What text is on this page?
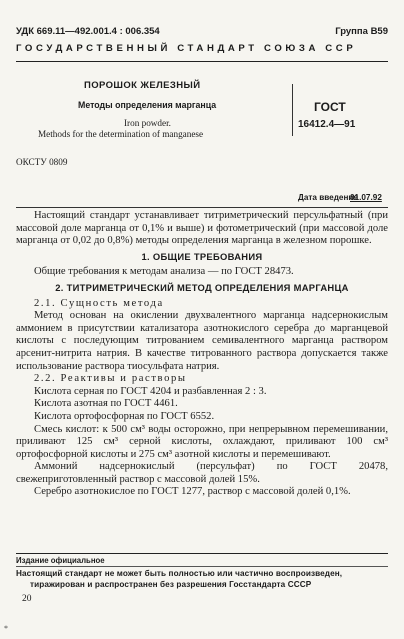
УДК 669.11—492.001.4 : 006.354	Группа В59
ГОСУДАРСТВЕННЫЙ СТАНДАРТ СОЮЗА ССР
ПОРОШОК ЖЕЛЕЗНЫЙ
Методы определения марганца
Iron powder.
Methods for the determination of manganese
ГОСТ
16412.4—91
ОКСТУ 0809
Дата введения
01.07.92

Настоящий стандарт устанавливает титриметрический персульфатный (при массовой доле марганца от 0,1% и выше) и фотометрический (при массовой доле марганца от 0,02 до 0,8%) методы определения марганца в железном порошке.

1. ОБЩИЕ ТРЕБОВАНИЯ

Общие требования к методам анализа — по ГОСТ 28473.

2. ТИТРИМЕТРИЧЕСКИЙ МЕТОД ОПРЕДЕЛЕНИЯ МАРГАНЦА

2.1. Сущность метода

Метод основан на окислении двухвалентного марганца надсернокислым аммонием в присутствии катализатора азотнокислого серебра до марганцевой кислоты с последующим титрованием семивалентного марганца раствором арсенит-нитрита натрия. В качестве титрованного раствора допускается также использование раствора тиосульфата натрия.

2.2. Реактивы и растворы

Кислота серная по ГОСТ 4204 и разбавленная 2 : 3.

Кислота азотная по ГОСТ 4461.

Кислота ортофосфорная по ГОСТ 6552.

Смесь кислот: к 500 см³ воды осторожно, при непрерывном перемешивании, приливают 125 см³ серной кислоты, охлаждают, приливают 100 см³ ортофосфорной кислоты и 275 см³ азотной кислоты и перемешивают.

Аммоний надсернокислый (персульфат) по ГОСТ 20478, свежеприготовленный раствор с массовой долей 15%.

Серебро азотнокислое по ГОСТ 1277, раствор с массовой долей 0,1%.

Издание официальное
Настоящий стандарт не может быть полностью или частично воспроизведен,
тиражирован и распространен без разрешения Госстандарта СССР
20
*
